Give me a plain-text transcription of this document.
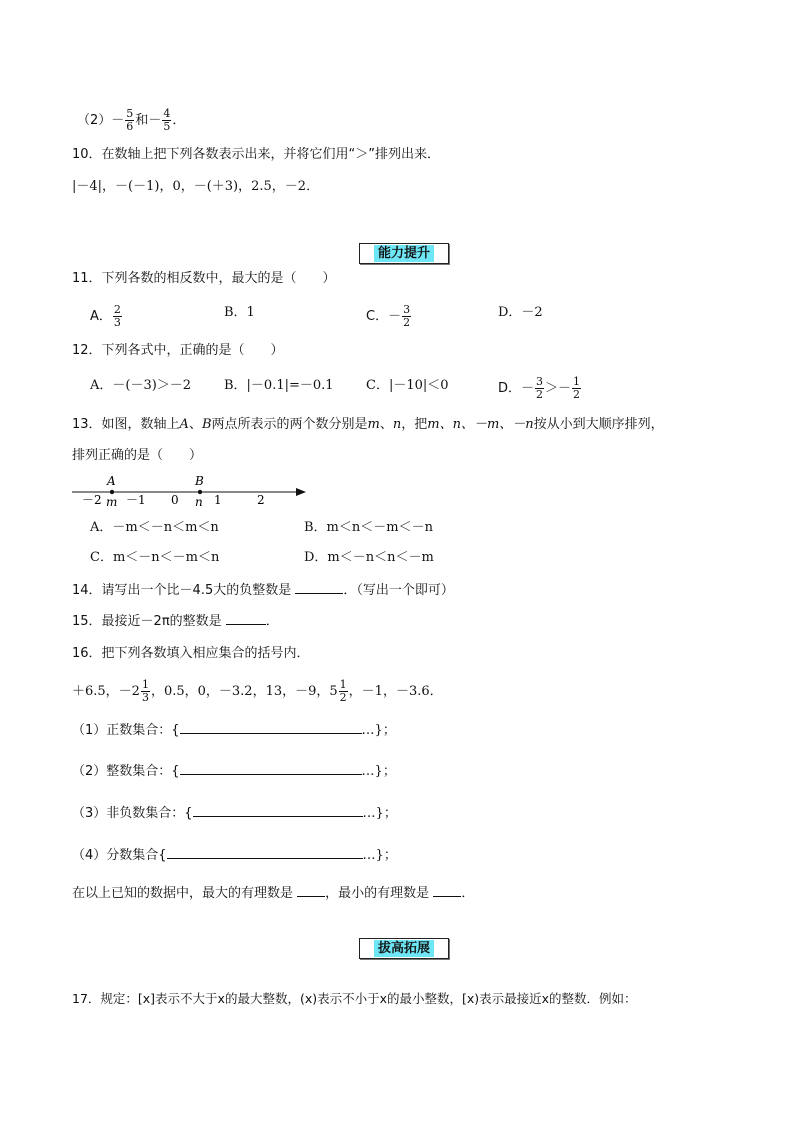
$(2)- \frac{5}{6}$ 和－ $\frac{4}{5}$ ．
10．在数轴上把下列各数表示出来，并将它们用“＞”排列出来．
|－4|，－(－1)，0，－(＋3)，2.5，－2．
能力提升
11．下列各数的相反数中，最大的是（　　）
A． $\frac{2}{3}$	B．1	C．－ $\frac{3}{2}$	D．－2
12．下列各式中，正确的是（　　）
A．－(－3)＞－2	B．|－0.1|=－0.1 C．|－10|＜0	D．－ $\frac{3}{2} >- \frac{1}{2}$
13．如图，数轴上A、B两点所表示的两个数分别是m、n，把m、n、－m、－n按从小到大顺序排列，
排列正确的是（　　）
－2 －1 0	1	2
A	B
m	n
A．－m＜－n＜m＜n	B．m＜n＜－m＜－n
C．m＜－n＜－m＜n	D．m＜－n＜n＜－m
14．请写出一个比－4.5大的负整数是	．（写出一个即可）
15．最接近－2π的整数是	．
16．把下列各数填入相应集合的括号内．
＋6.5，$-2 \frac{1}{3}$ ，0.5，0，－3.2，13，－9，$5 \frac{1}{2}$ ，－1，－3.6．
（1）正数集合：{	…}；
（2）整数集合：{	…}；
（3）非负数集合：{	…}；
（4）分数集合{	…}；
在以上已知的数据中，最大的有理数是 ，最小的有理数是 ．
拔高拓展
17．规定：[x]表示不大于x的最大整数，(x)表示不小于x的最小整数，[x)表示最接近x的整数．例如：
